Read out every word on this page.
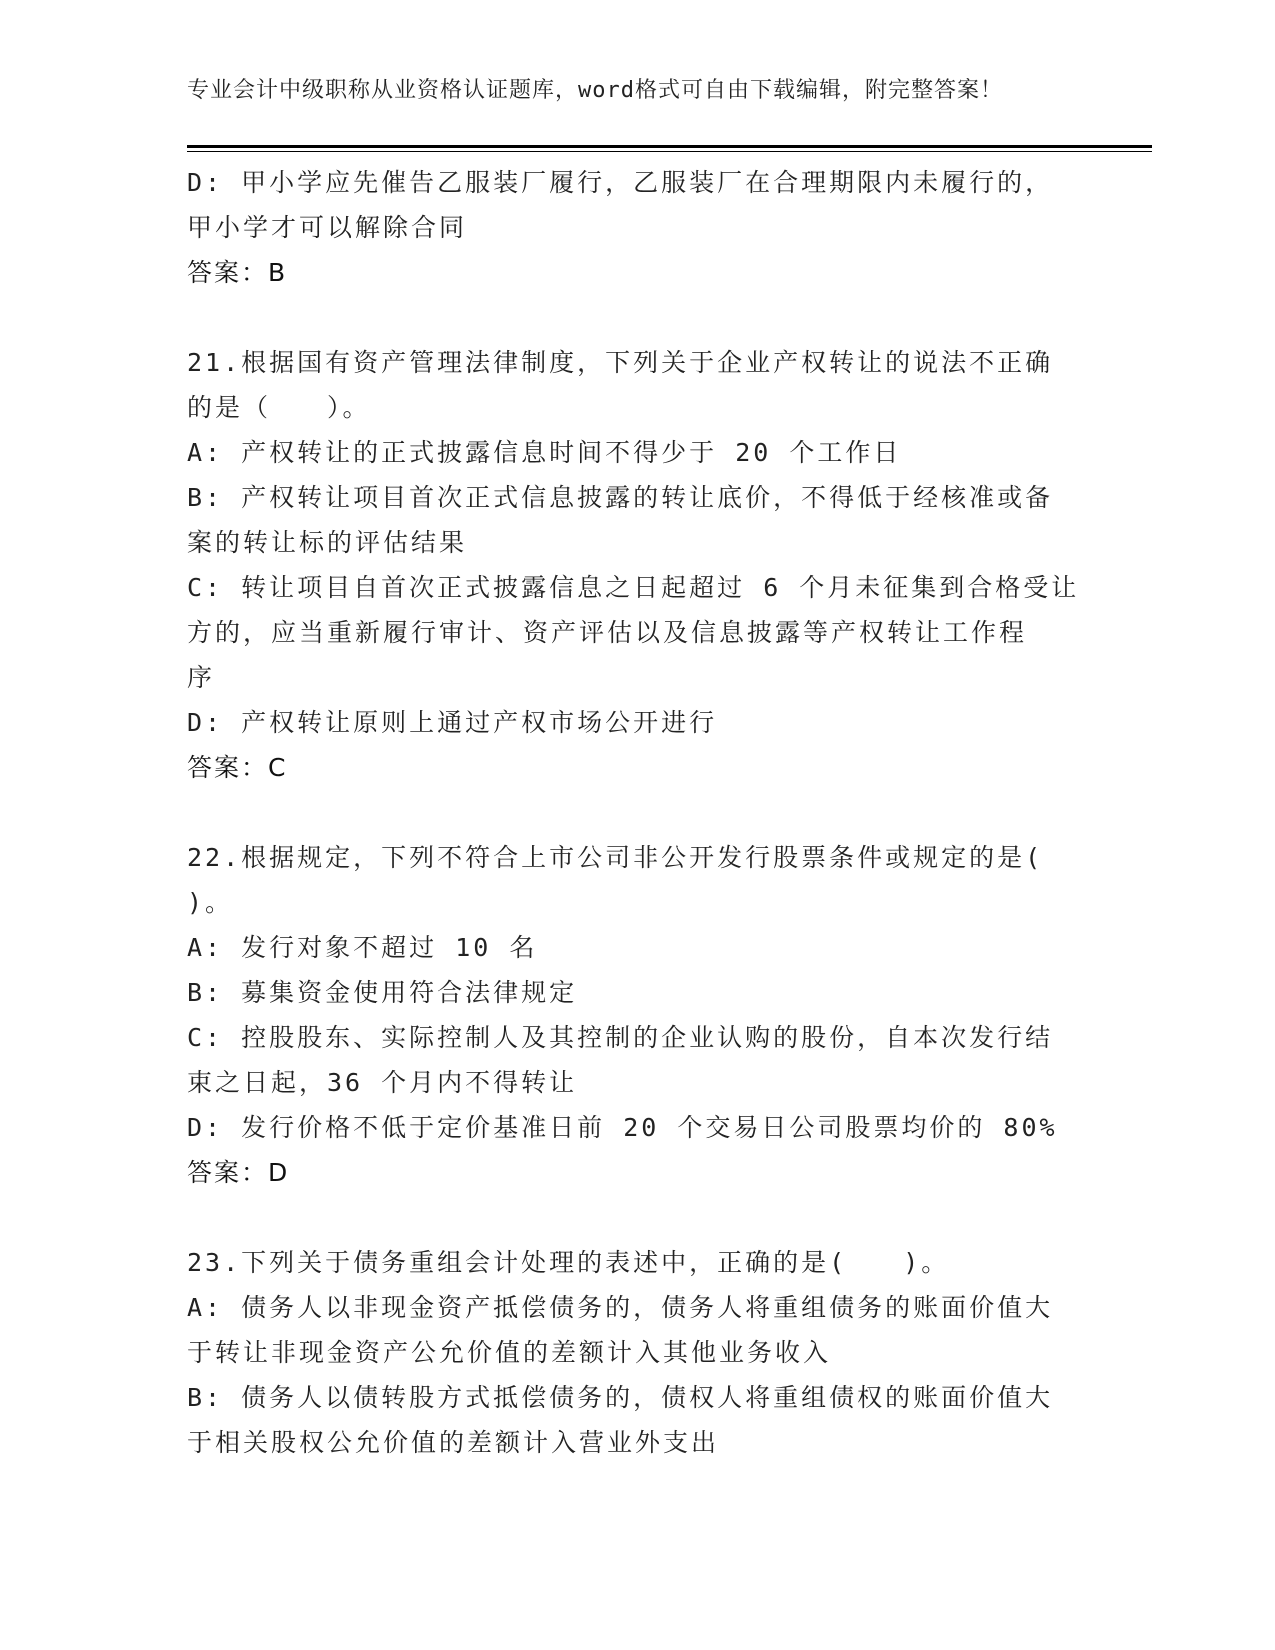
专业会计中级职称从业资格认证题库，word格式可自由下载编辑，附完整答案！
D: 甲小学应先催告乙服装厂履行，乙服装厂在合理期限内未履行的，
甲小学才可以解除合同
答案：B
21.根据国有资产管理法律制度，下列关于企业产权转让的说法不正确
的是（　　）。
A: 产权转让的正式披露信息时间不得少于 20 个工作日
B: 产权转让项目首次正式信息披露的转让底价，不得低于经核准或备
案的转让标的评估结果
C: 转让项目自首次正式披露信息之日起超过 6 个月未征集到合格受让
方的，应当重新履行审计、资产评估以及信息披露等产权转让工作程
序
D: 产权转让原则上通过产权市场公开进行
答案：C
22.根据规定，下列不符合上市公司非公开发行股票条件或规定的是(
)。
A: 发行对象不超过 10 名
B: 募集资金使用符合法律规定
C: 控股股东、实际控制人及其控制的企业认购的股份，自本次发行结
束之日起，36 个月内不得转让
D: 发行价格不低于定价基准日前 20 个交易日公司股票均价的 80%
答案：D
23.下列关于债务重组会计处理的表述中，正确的是(　　)。
A: 债务人以非现金资产抵偿债务的，债务人将重组债务的账面价值大
于转让非现金资产公允价值的差额计入其他业务收入
B: 债务人以债转股方式抵偿债务的，债权人将重组债权的账面价值大
于相关股权公允价值的差额计入营业外支出
